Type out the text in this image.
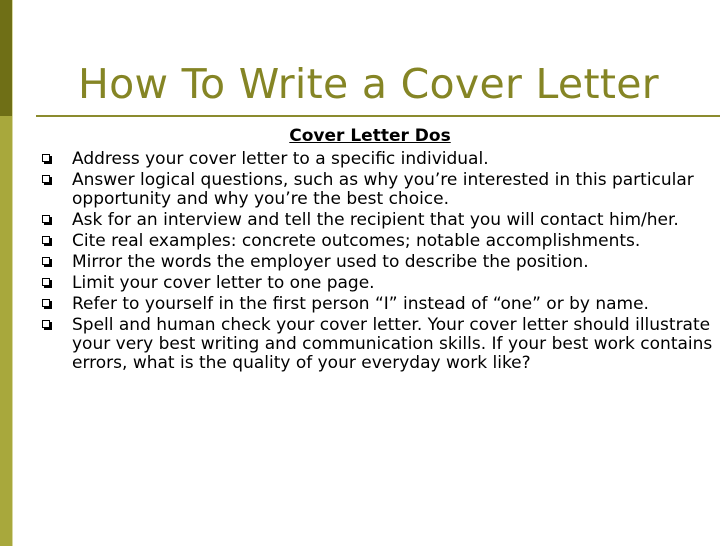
How To Write a Cover Letter
Cover Letter Dos
Address your cover letter to a specific individual.
Answer logical questions, such as why you’re interested in this particular opportunity and why you’re the best choice.
Ask for an interview and tell the recipient that you will contact him/her.
Cite real examples: concrete outcomes; notable accomplishments.
Mirror the words the employer used to describe the position.
Limit your cover letter to one page.
Refer to yourself in the first person “I” instead of “one” or by name.
Spell and human check your cover letter. Your cover letter should illustrate your very best writing and communication skills. If your best work contains errors, what is the quality of your everyday work like?
